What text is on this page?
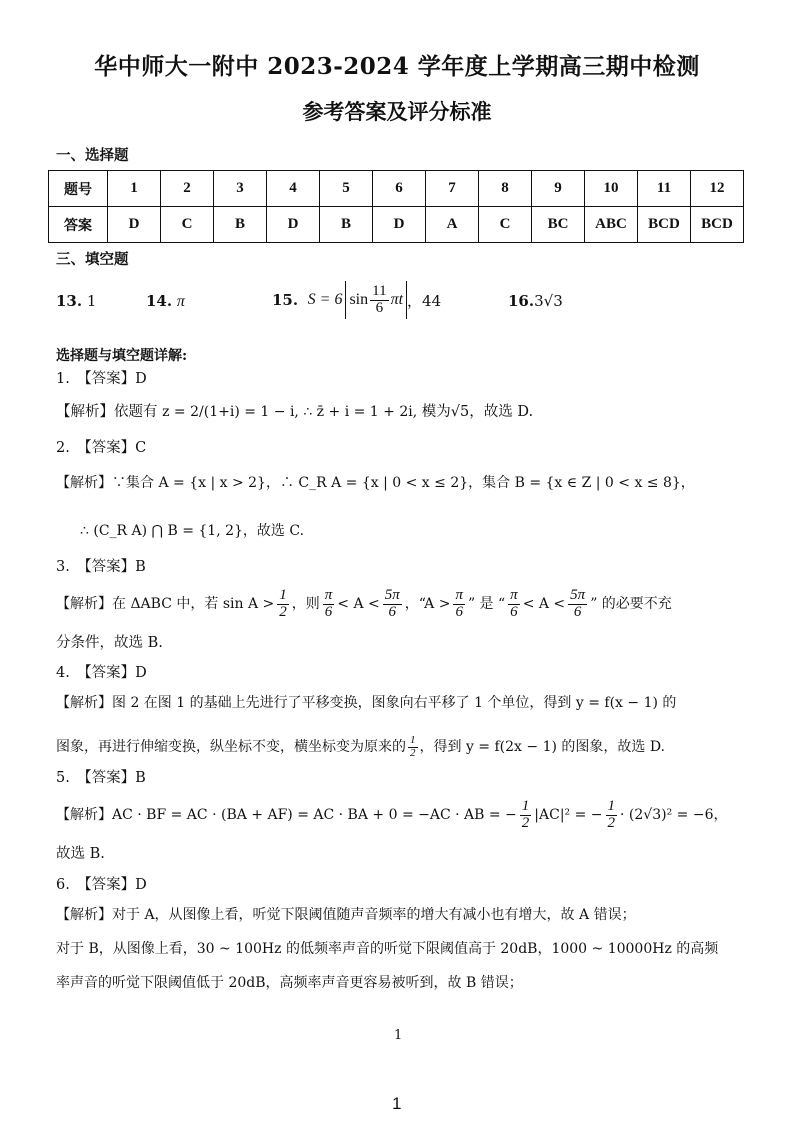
华中师大一附中 2023-2024 学年度上学期高三期中检测
参考答案及评分标准
一、选择题
题号	1	2	3	4	5	6	7	8	9	10	11	12
答案	D	C	B	D	B	D	A	C	BC	ABC	BCD	BCD
三、填空题
13. 1	14. π	15.
S = 6 $\sin \frac{11}{6}$ πt ，44	16.3√3
选择题与填空题详解:
1.　【答案】D
【解析】依题有 z = 2/(1+i) = 1 − i, ∴ z̄ + i = 1 + 2i, 模为√5，故选 D.
2.　【答案】C
【解析】∵集合 A = {x | x > 2}，∴ C_R A = {x | 0 < x ≤ 2}，集合 B = {x ∈ Z | 0 < x ≤ 8}，
∴ (C_R A) ⋂ B = {1, 2}，故选 C.
3.　【答案】B
【解析】在 ΔABC 中，若 $\sin A > \frac{1}{2}$ ，则 $\frac{\pi}{6} < A < \frac{5\pi}{6}$ ，“$A > \frac{\pi}{6}$ ” 是 “ $\frac{\pi}{6} < A < \frac{5\pi}{6}$ ” 的必要不充
分条件，故选 B.
4.　【答案】D
【解析】图 2 在图 1 的基础上先进行了平移变换，图象向右平移了 1 个单位，得到 y = f(x − 1) 的
图象，再进行伸缩变换，纵坐标不变，横坐标变为原来的 $\frac{1}{2}$ ，得到 y = f(2x − 1) 的图象，故选 D.
5.　【答案】B
【解析】AC · BF = AC · (BA + AF) = AC · BA + 0 = −AC · AB = − $\frac{1}{2} |AC|^2$ = − $\frac{1}{2} \cdot (2√3)^2 = -6$，
故选 B.
6.　【答案】D
【解析】对于 A，从图像上看，听觉下限阈值随声音频率的增大有减小也有增大，故 A 错误；
对于 B，从图像上看，30 ~ 100Hz 的低频率声音的听觉下限阈值高于 20dB，1000 ~ 10000Hz 的高频
率声音的听觉下限阈值低于 20dB，高频率声音更容易被听到，故 B 错误；
1
1
